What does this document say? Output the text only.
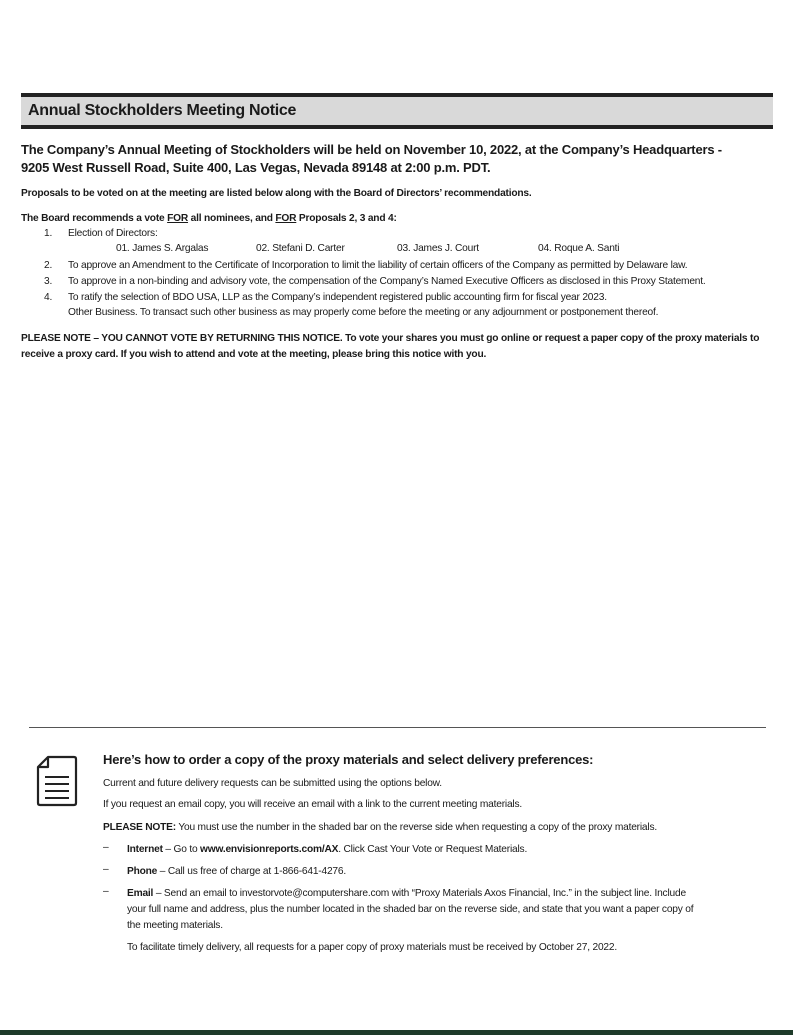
Annual Stockholders Meeting Notice
The Company’s Annual Meeting of Stockholders will be held on November 10, 2022, at the Company’s Headquarters -
9205 West Russell Road, Suite 400, Las Vegas, Nevada 89148 at 2:00 p.m. PDT.
Proposals to be voted on at the meeting are listed below along with the Board of Directors’ recommendations.
The Board recommends a vote FOR all nominees, and FOR Proposals 2, 3 and 4:
1. Election of Directors:
01. James S. Argalas	02. Stefani D. Carter	03. James J. Court	04. Roque A. Santi
2. To approve an Amendment to the Certificate of Incorporation to limit the liability of certain officers of the Company as permitted by Delaware law.
3. To approve in a non-binding and advisory vote, the compensation of the Company’s Named Executive Officers as disclosed in this Proxy Statement.
4. To ratify the selection of BDO USA, LLP as the Company’s independent registered public accounting firm for fiscal year 2023.
Other Business. To transact such other business as may properly come before the meeting or any adjournment or postponement thereof.
PLEASE NOTE – YOU CANNOT VOTE BY RETURNING THIS NOTICE. To vote your shares you must go online or request a paper copy of the proxy materials to
receive a proxy card. If you wish to attend and vote at the meeting, please bring this notice with you.
Here’s how to order a copy of the proxy materials and select delivery preferences:
Current and future delivery requests can be submitted using the options below.
If you request an email copy, you will receive an email with a link to the current meeting materials.
PLEASE NOTE: You must use the number in the shaded bar on the reverse side when requesting a copy of the proxy materials.
– Internet – Go to www.envisionreports.com/AX. Click Cast Your Vote or Request Materials.
– Phone – Call us free of charge at 1-866-641-4276.
– Email – Send an email to investorvote@computershare.com with “Proxy Materials Axos Financial, Inc.” in the subject line. Include
your full name and address, plus the number located in the shaded bar on the reverse side, and state that you want a paper copy of
the meeting materials.
To facilitate timely delivery, all requests for a paper copy of proxy materials must be received by October 27, 2022.
